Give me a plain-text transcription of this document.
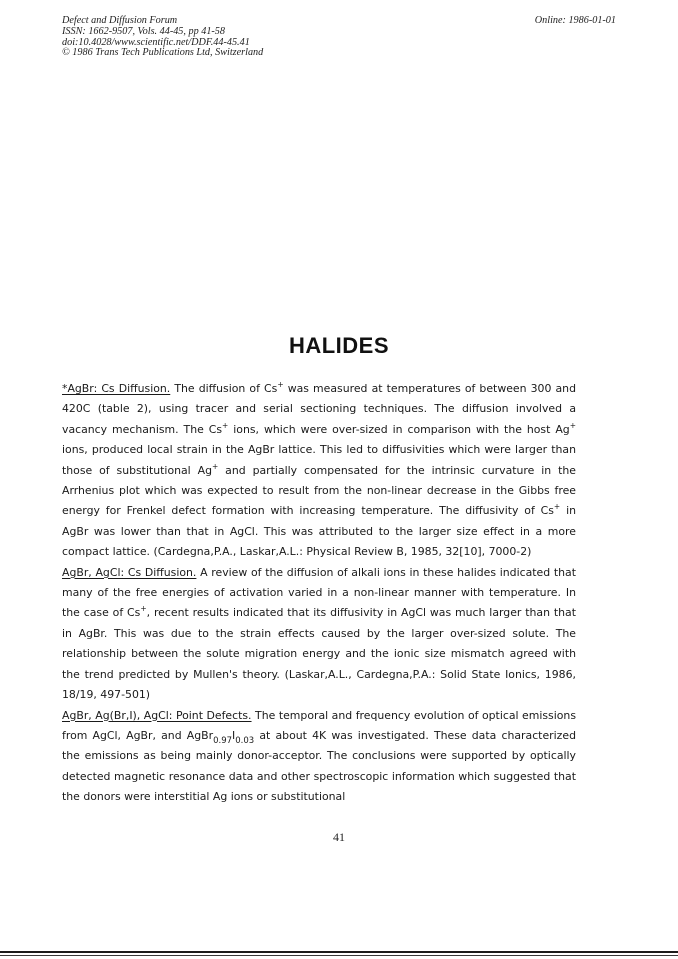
Defect and Diffusion Forum
ISSN: 1662-9507, Vols. 44-45, pp 41-58
doi:10.4028/www.scientific.net/DDF.44-45.41
© 1986 Trans Tech Publications Ltd, Switzerland
Online: 1986-01-01
HALIDES

*AgBr: Cs Diffusion. The diffusion of Cs+ was measured at temperatures of between 300 and 420C (table 2), using tracer and serial sectioning techniques. The diffusion involved a vacancy mechanism. The Cs+ ions, which were over-sized in comparison with the host Ag+ ions, produced local strain in the AgBr lattice. This led to diffusivities which were larger than those of substitutional Ag+ and partially compensated for the intrinsic curvature in the Arrhenius plot which was expected to result from the non-linear decrease in the Gibbs free energy for Frenkel defect formation with increasing temperature. The diffusivity of Cs+ in AgBr was lower than that in AgCl. This was attributed to the larger size effect in a more compact lattice. (Cardegna,P.A., Laskar,A.L.: Physical Review B, 1985, 32[10], 7000-2)

AgBr, AgCl: Cs Diffusion. A review of the diffusion of alkali ions in these halides indicated that many of the free energies of activation varied in a non-linear manner with temperature. In the case of Cs+, recent results indicated that its diffusivity in AgCl was much larger than that in AgBr. This was due to the strain effects caused by the larger over-sized solute. The relationship between the solute migration energy and the ionic size mismatch agreed with the trend predicted by Mullen's theory. (Laskar,A.L., Cardegna,P.A.: Solid State Ionics, 1986, 18/19, 497-501)

AgBr, Ag(Br,I), AgCl: Point Defects. The temporal and frequency evolution of optical emissions from AgCl, AgBr, and $AgBr_{0.97}I_{0.03}$ at about 4K was investigated. These data characterized the emissions as being mainly donor-acceptor. The conclusions were supported by optically detected magnetic resonance data and other spectroscopic information which suggested that the donors were interstitial Ag ions or substitutional

41
